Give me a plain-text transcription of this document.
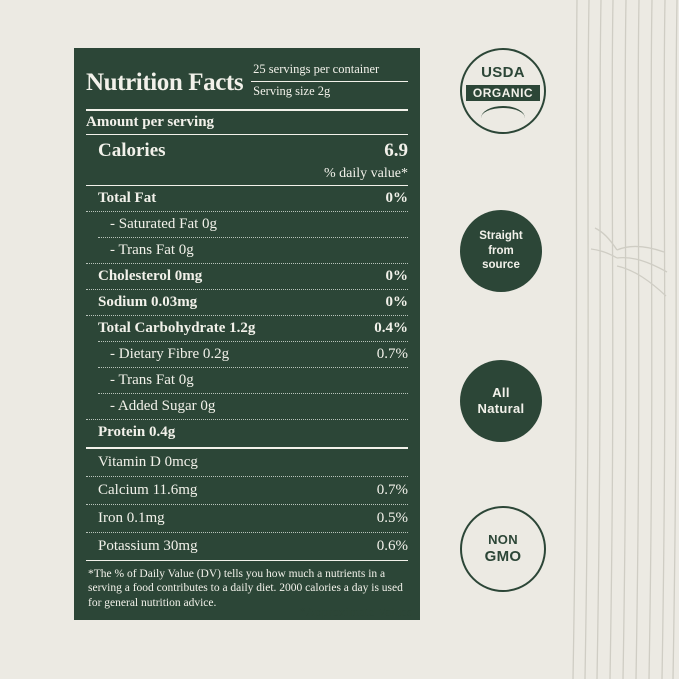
Nutrition Facts 25 servings per container
Serving size 2g
Amount per serving
Calories	6.9
% daily value*
Total Fat	0%
- Saturated Fat 0g
- Trans Fat 0g
Cholesterol 0mg	0%
Sodium 0.03mg	0%
Total Carbohydrate 1.2g	0.4%
- Dietary Fibre 0.2g	0.7%
- Trans Fat 0g
- Added Sugar 0g
Protein 0.4g
Vitamin D 0mcg
Calcium 11.6mg	0.7%
Iron 0.1mg	0.5%
Potassium 30mg	0.6%
*The % of Daily Value (DV) tells you how much a nutrients in a serving a food contributes to a daily diet. 2000 calories a day is used for general nutrition advice.
*Approximate Values
USDA
ORGANIC
Straight
from
source
All
Natural
NON
GMO
